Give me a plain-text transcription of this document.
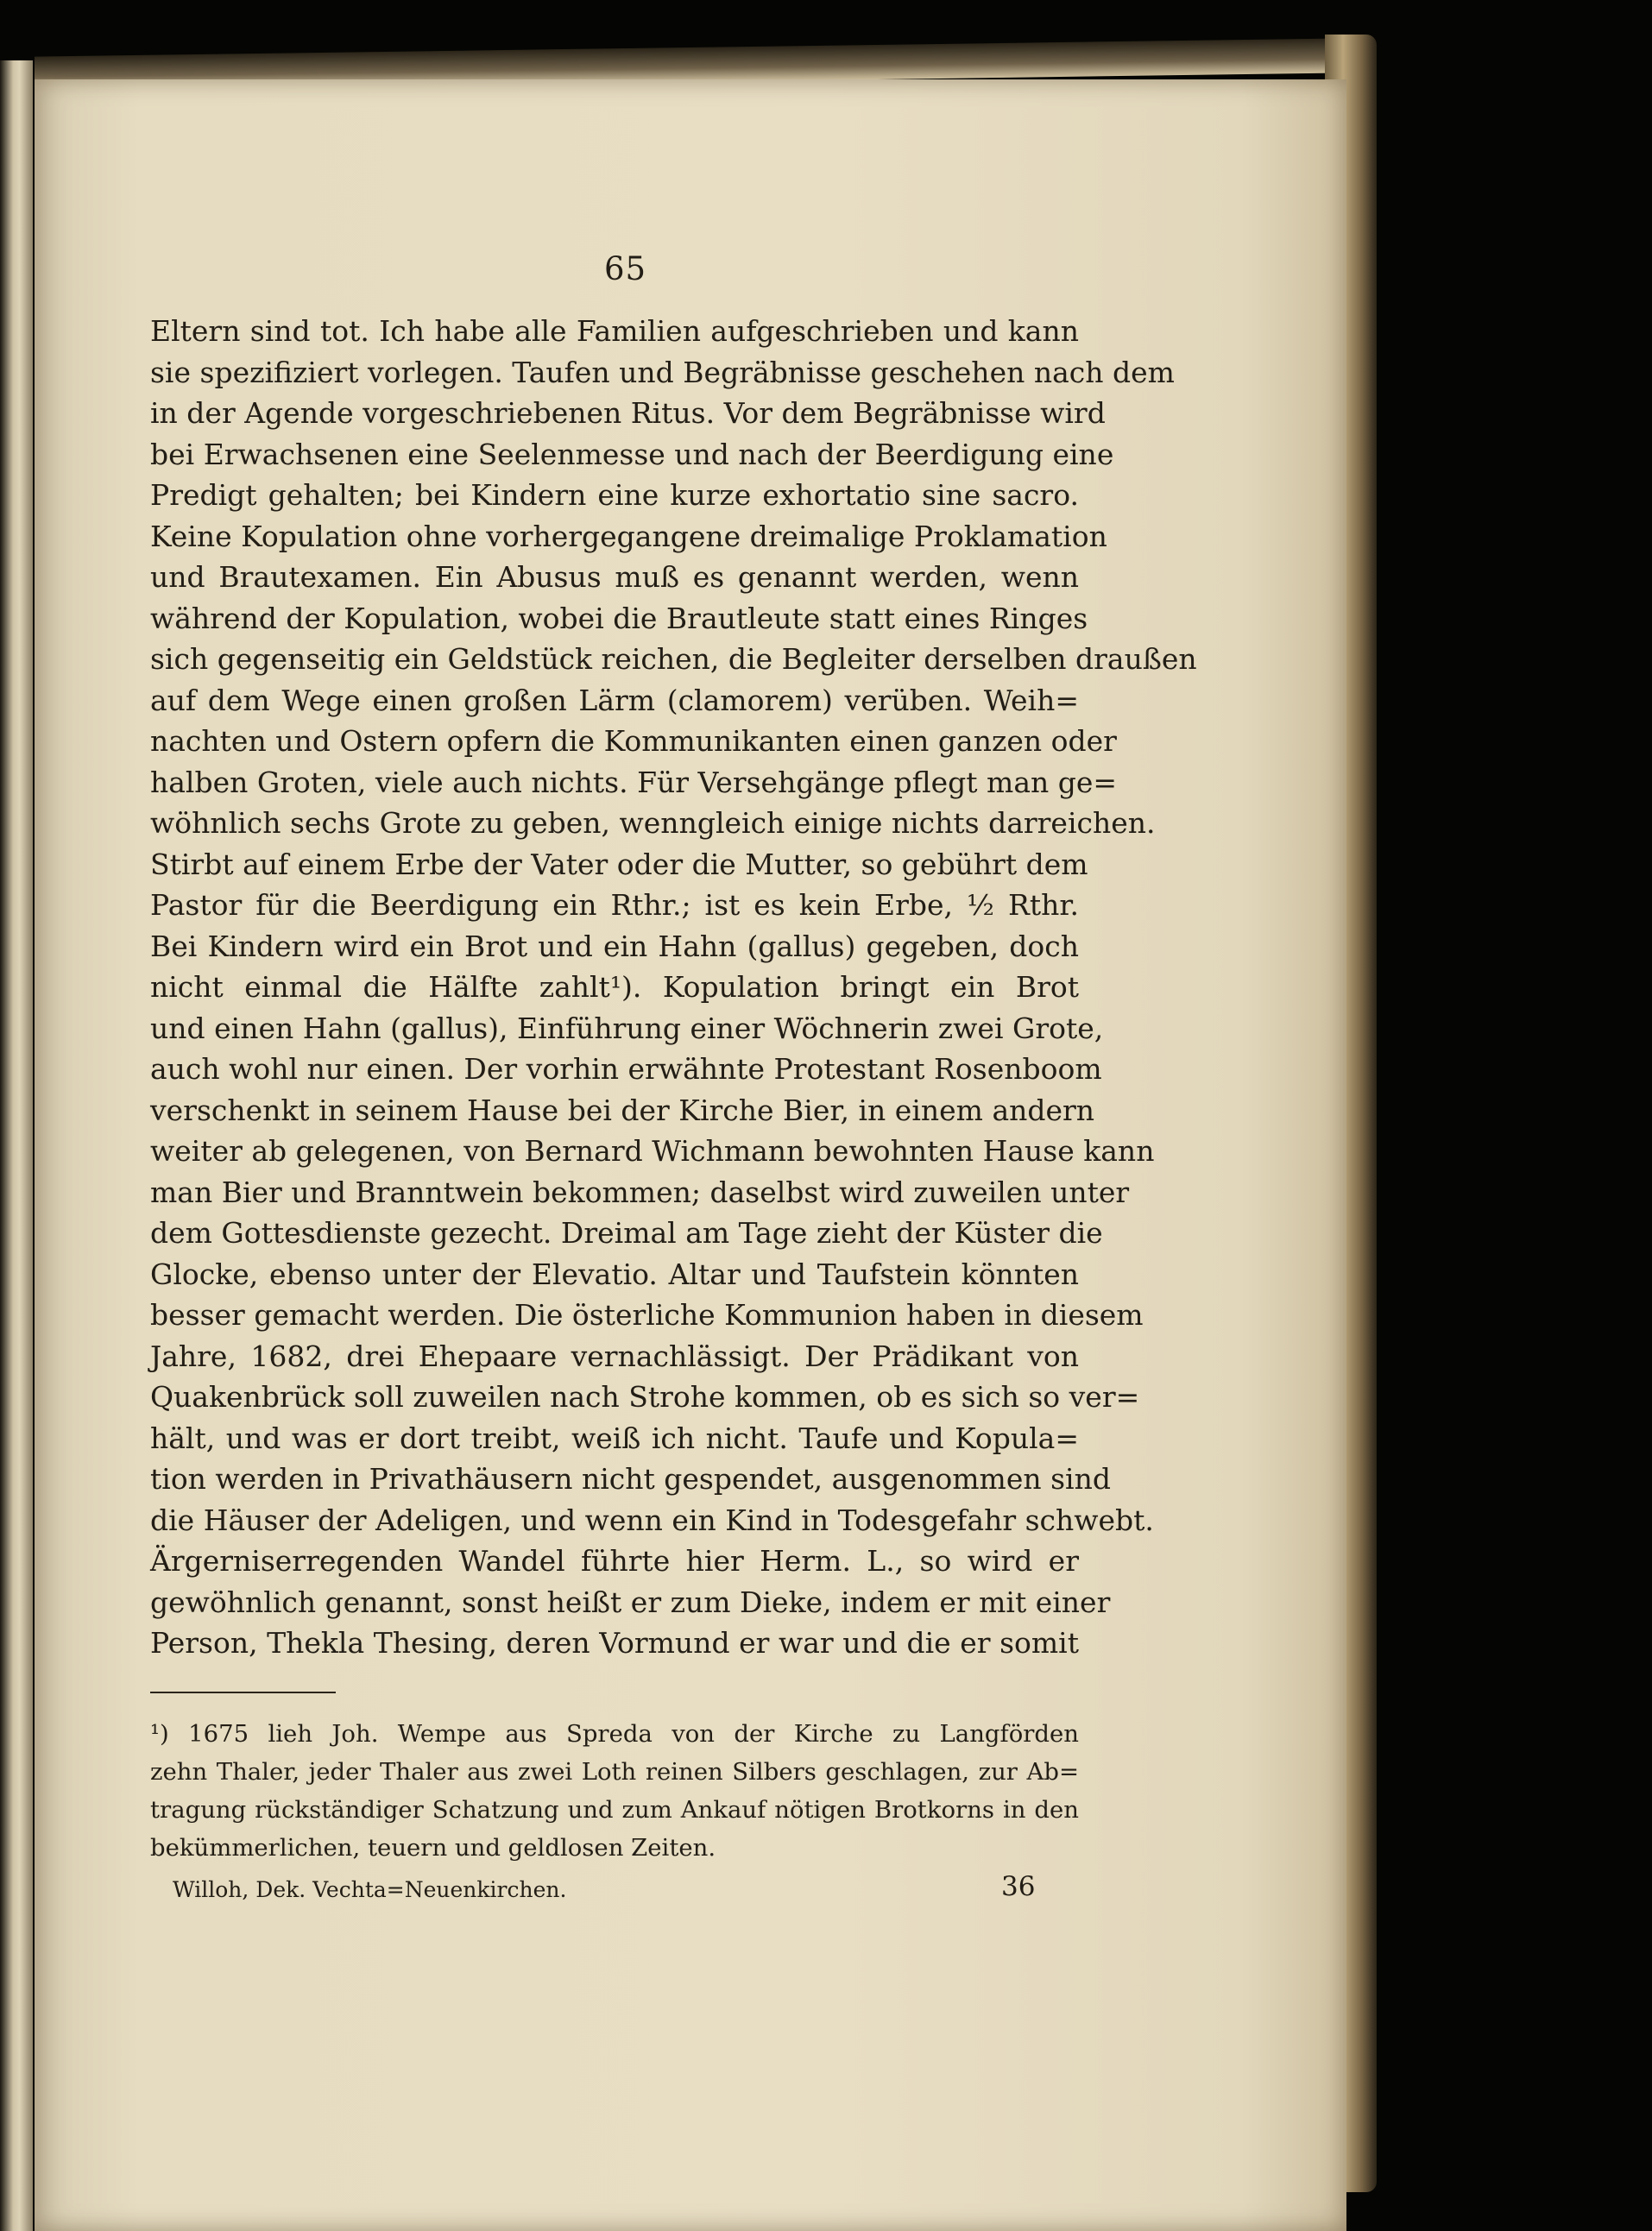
65
Eltern sind tot. Ich habe alle Familien aufgeschrieben und kann
sie spezifiziert vorlegen. Taufen und Begräbnisse geschehen nach dem
in der Agende vorgeschriebenen Ritus. Vor dem Begräbnisse wird
bei Erwachsenen eine Seelenmesse und nach der Beerdigung eine
Predigt gehalten; bei Kindern eine kurze exhortatio sine sacro.
Keine Kopulation ohne vorhergegangene dreimalige Proklamation
und Brautexamen. Ein Abusus muß es genannt werden, wenn
während der Kopulation, wobei die Brautleute statt eines Ringes
sich gegenseitig ein Geldstück reichen, die Begleiter derselben draußen
auf dem Wege einen großen Lärm (clamorem) verüben. Weih=
nachten und Ostern opfern die Kommunikanten einen ganzen oder
halben Groten, viele auch nichts. Für Versehgänge pflegt man ge=
wöhnlich sechs Grote zu geben, wenngleich einige nichts darreichen.
Stirbt auf einem Erbe der Vater oder die Mutter, so gebührt dem
Pastor für die Beerdigung ein Rthr.; ist es kein Erbe, ½ Rthr.
Bei Kindern wird ein Brot und ein Hahn (gallus) gegeben, doch
nicht einmal die Hälfte zahlt¹). Kopulation bringt ein Brot
und einen Hahn (gallus), Einführung einer Wöchnerin zwei Grote,
auch wohl nur einen. Der vorhin erwähnte Protestant Rosenboom
verschenkt in seinem Hause bei der Kirche Bier, in einem andern
weiter ab gelegenen, von Bernard Wichmann bewohnten Hause kann
man Bier und Branntwein bekommen; daselbst wird zuweilen unter
dem Gottesdienste gezecht. Dreimal am Tage zieht der Küster die
Glocke, ebenso unter der Elevatio. Altar und Taufstein könnten
besser gemacht werden. Die österliche Kommunion haben in diesem
Jahre, 1682, drei Ehepaare vernachlässigt. Der Prädikant von
Quakenbrück soll zuweilen nach Strohe kommen, ob es sich so ver=
hält, und was er dort treibt, weiß ich nicht. Taufe und Kopula=
tion werden in Privathäusern nicht gespendet, ausgenommen sind
die Häuser der Adeligen, und wenn ein Kind in Todesgefahr schwebt.
Ärgerniserregenden Wandel führte hier Herm. L., so wird er
gewöhnlich genannt, sonst heißt er zum Dieke, indem er mit einer
Person, Thekla Thesing, deren Vormund er war und die er somit
¹) 1675 lieh Joh. Wempe aus Spreda von der Kirche zu Langförden
zehn Thaler, jeder Thaler aus zwei Loth reinen Silbers geschlagen, zur Ab=
tragung rückständiger Schatzung und zum Ankauf nötigen Brotkorns in den
bekümmerlichen, teuern und geldlosen Zeiten.
Willoh, Dek. Vechta=Neuenkirchen.	36
